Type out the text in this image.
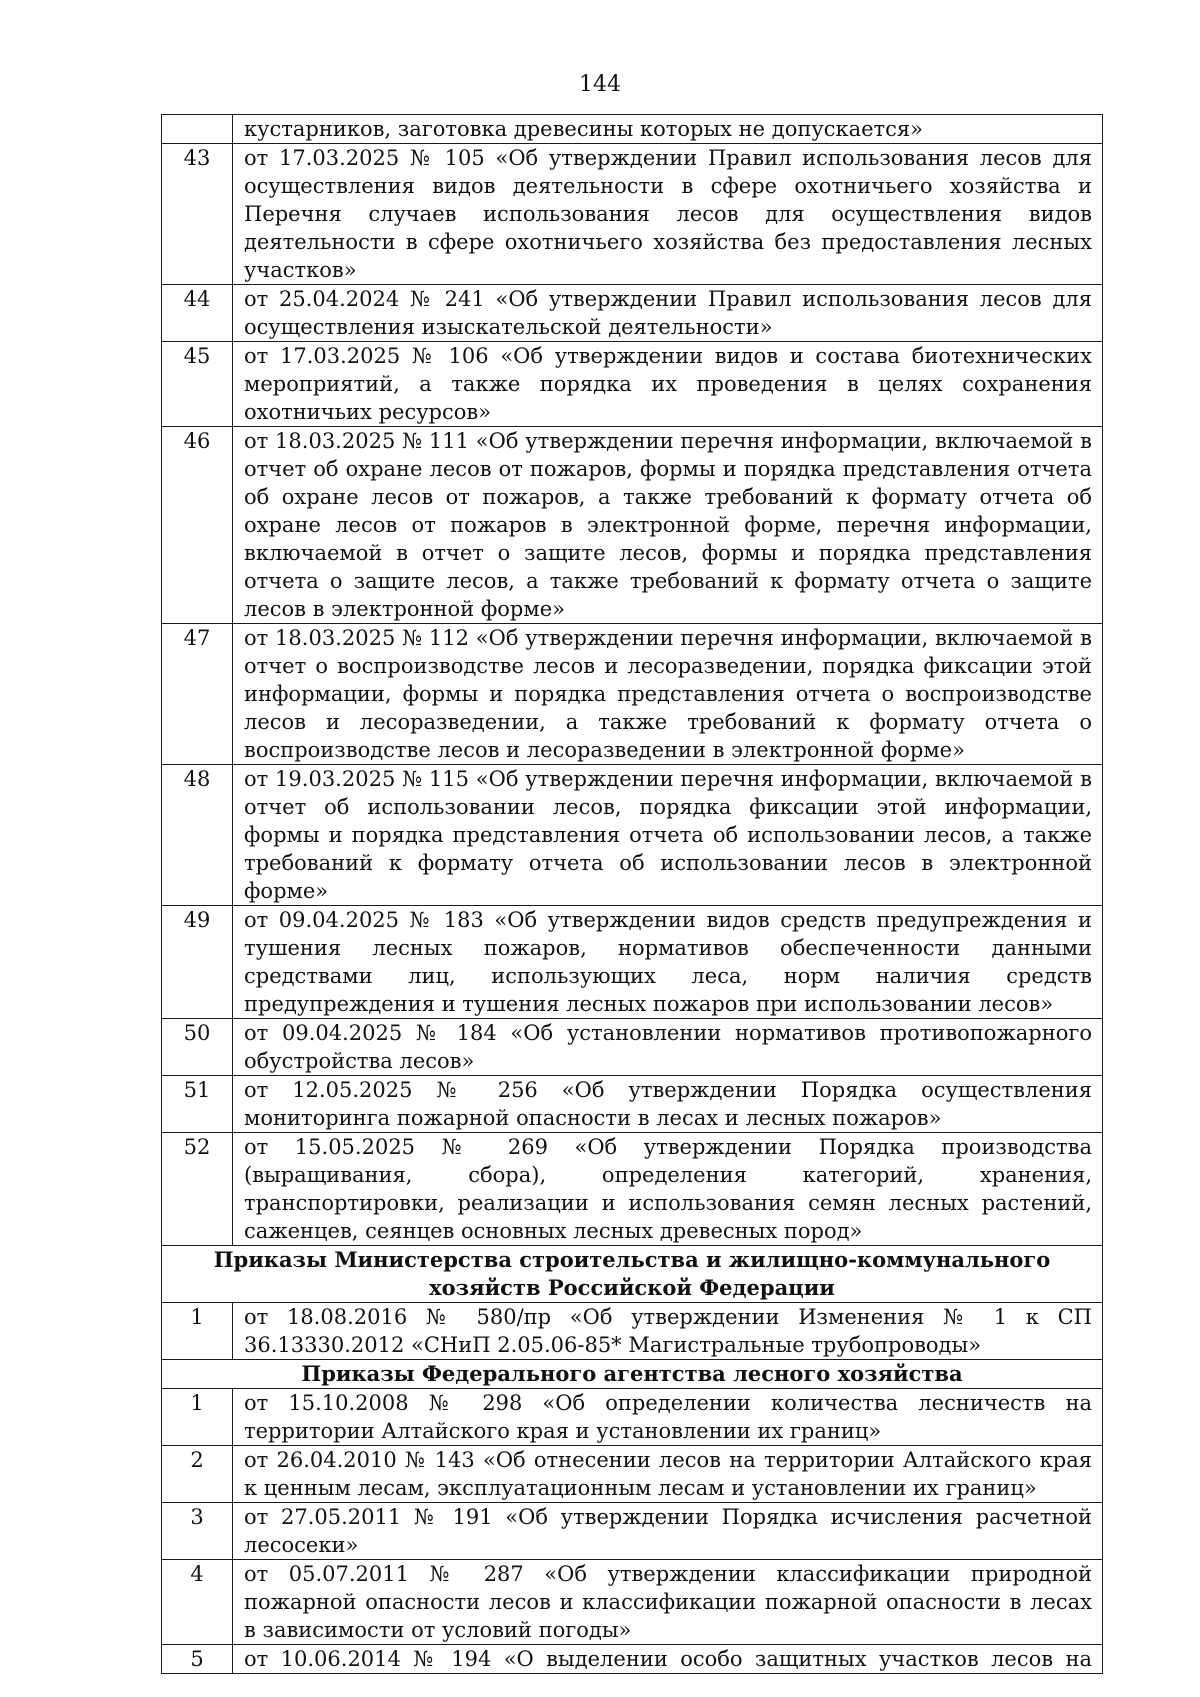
144
	кустарников, заготовка древесины которых не допускается»
43	от 17.03.2025 № 105 «Об утверждении Правил использования лесов для осуществления видов деятельности в сфере охотничьего хозяйства и Перечня случаев использования лесов для осуществления видов деятельности в сфере охотничьего хозяйства без предоставления лесных участков»
44	от 25.04.2024 № 241 «Об утверждении Правил использования лесов для осуществления изыскательской деятельности»
45	от 17.03.2025 № 106 «Об утверждении видов и состава биотехнических мероприятий, а также порядка их проведения в целях сохранения охотничьих ресурсов»
46	от 18.03.2025 № 111 «Об утверждении перечня информации, включаемой в отчет об охране лесов от пожаров, формы и порядка представления отчета об охране лесов от пожаров, а также требований к формату отчета об охране лесов от пожаров в электронной форме, перечня информации, включаемой в отчет о защите лесов, формы и порядка представления отчета о защите лесов, а также требований к формату отчета о защите лесов в электронной форме»
47	от 18.03.2025 № 112 «Об утверждении перечня информации, включаемой в отчет о воспроизводстве лесов и лесоразведении, порядка фиксации этой информации, формы и порядка представления отчета о воспроизводстве лесов и лесоразведении, а также требований к формату отчета о воспроизводстве лесов и лесоразведении в электронной форме»
48	от 19.03.2025 № 115 «Об утверждении перечня информации, включаемой в отчет об использовании лесов, порядка фиксации этой информации, формы и порядка представления отчета об использовании лесов, а также требований к формату отчета об использовании лесов в электронной форме»
49	от 09.04.2025 № 183 «Об утверждении видов средств предупреждения и тушения лесных пожаров, нормативов обеспеченности данными средствами лиц, использующих леса, норм наличия средств предупреждения и тушения лесных пожаров при использовании лесов»
50	от 09.04.2025 № 184 «Об установлении нормативов противопожарного обустройства лесов»
51	от 12.05.2025 № 256 «Об утверждении Порядка осуществления мониторинга пожарной опасности в лесах и лесных пожаров»
52	от 15.05.2025 № 269 «Об утверждении Порядка производства (выращивания, сбора), определения категорий, хранения, транспортировки, реализации и использования семян лесных растений, саженцев, сеянцев основных лесных древесных пород»
Приказы Министерства строительства и жилищно-коммунального хозяйств Российской Федерации	
1	от 18.08.2016 № 580/пр «Об утверждении Изменения № 1 к СП 36.13330.2012 «СНиП 2.05.06-85* Магистральные трубопроводы»
Приказы Федерального агентства лесного хозяйства	
1	от 15.10.2008 № 298 «Об определении количества лесничеств на территории Алтайского края и установлении их границ»
2	от 26.04.2010 № 143 «Об отнесении лесов на территории Алтайского края к ценным лесам, эксплуатационным лесам и установлении их границ»
3	от 27.05.2011 № 191 «Об утверждении Порядка исчисления расчетной лесосеки»
4	от 05.07.2011 № 287 «Об утверждении классификации природной пожарной опасности лесов и классификации пожарной опасности в лесах в зависимости от условий погоды»
5	от 10.06.2014 № 194 «О выделении особо защитных участков лесов на
